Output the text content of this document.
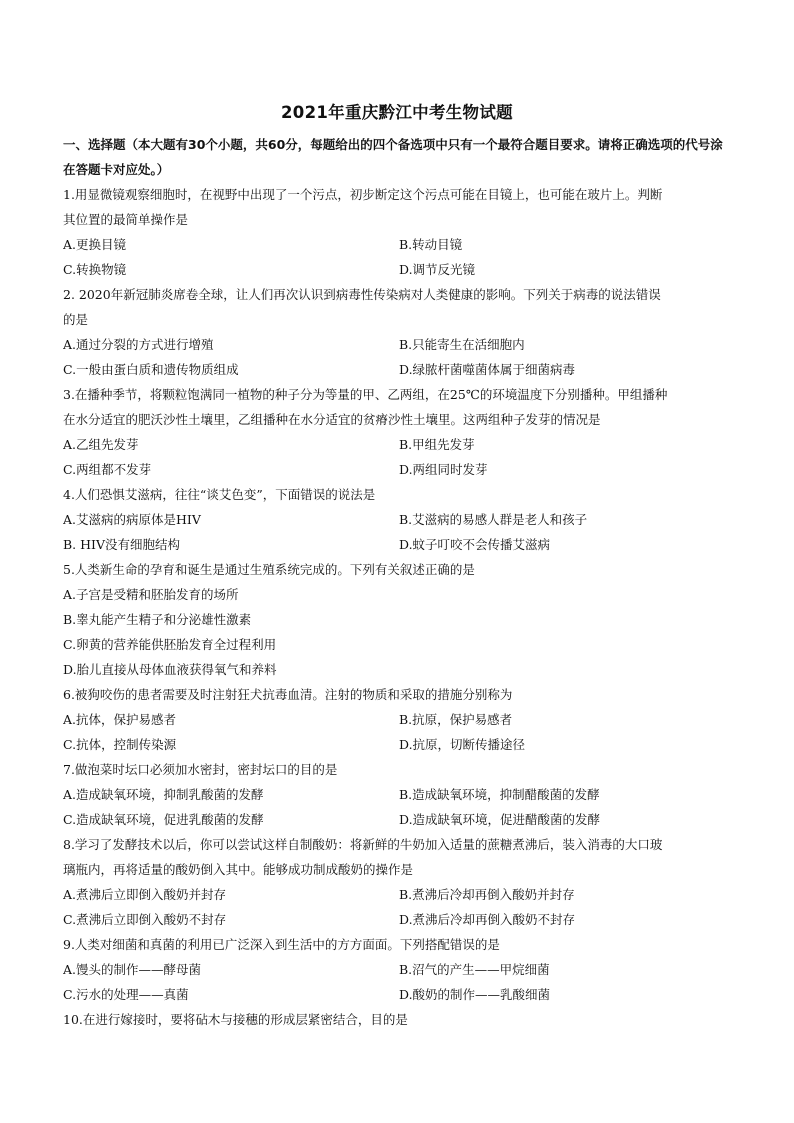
2021年重庆黔江中考生物试题
一、选择题（本大题有30个小题，共60分，每题给出的四个备选项中只有一个最符合题目要求。请将正确选项的代号涂在答题卡对应处。）
1.用显微镜观察细胞时，在视野中出现了一个污点，初步断定这个污点可能在目镜上，也可能在玻片上。判断
其位置的最简单操作是
A.更换目镜	B.转动目镜
C.转换物镜	D.调节反光镜
2. 2020年新冠肺炎席卷全球，让人们再次认识到病毒性传染病对人类健康的影响。下列关于病毒的说法错误
的是
A.通过分裂的方式进行增殖	B.只能寄生在活细胞内
C.一般由蛋白质和遗传物质组成	D.绿脓杆菌噬菌体属于细菌病毒
3.在播种季节，将颗粒饱满同一植物的种子分为等量的甲、乙两组，在25℃的环境温度下分别播种。甲组播种
在水分适宜的肥沃沙性土壤里，乙组播种在水分适宜的贫瘠沙性土壤里。这两组种子发芽的情况是
A.乙组先发芽	B.甲组先发芽
C.两组都不发芽	D.两组同时发芽
4.人们恐惧艾滋病，往往“谈艾色变”，下面错误的说法是
A.艾滋病的病原体是HIV	B.艾滋病的易感人群是老人和孩子
B. HIV没有细胞结构	D.蚊子叮咬不会传播艾滋病
5.人类新生命的孕育和诞生是通过生殖系统完成的。下列有关叙述正确的是
A.子宫是受精和胚胎发育的场所
B.睾丸能产生精子和分泌雄性激素
C.卵黄的营养能供胚胎发育全过程利用
D.胎儿直接从母体血液获得氧气和养料
6.被狗咬伤的患者需要及时注射狂犬抗毒血清。注射的物质和采取的措施分别称为
A.抗体，保护易感者	B.抗原，保护易感者
C.抗体，控制传染源	D.抗原，切断传播途径
7.做泡菜时坛口必须加水密封，密封坛口的目的是
A.造成缺氧环境，抑制乳酸菌的发酵	B.造成缺氧环境，抑制醋酸菌的发酵
C.造成缺氧环境，促进乳酸菌的发酵	D.造成缺氧环境，促进醋酸菌的发酵
8.学习了发酵技术以后，你可以尝试这样自制酸奶：将新鲜的牛奶加入适量的蔗糖煮沸后，装入消毒的大口玻
璃瓶内，再将适量的酸奶倒入其中。能够成功制成酸奶的操作是
A.煮沸后立即倒入酸奶并封存	B.煮沸后冷却再倒入酸奶并封存
C.煮沸后立即倒入酸奶不封存	D.煮沸后冷却再倒入酸奶不封存
9.人类对细菌和真菌的利用已广泛深入到生活中的方方面面。下列搭配错误的是
A.馒头的制作——酵母菌	B.沼气的产生——甲烷细菌
C.污水的处理——真菌	D.酸奶的制作——乳酸细菌
10.在进行嫁接时，要将砧木与接穗的形成层紧密结合，目的是
